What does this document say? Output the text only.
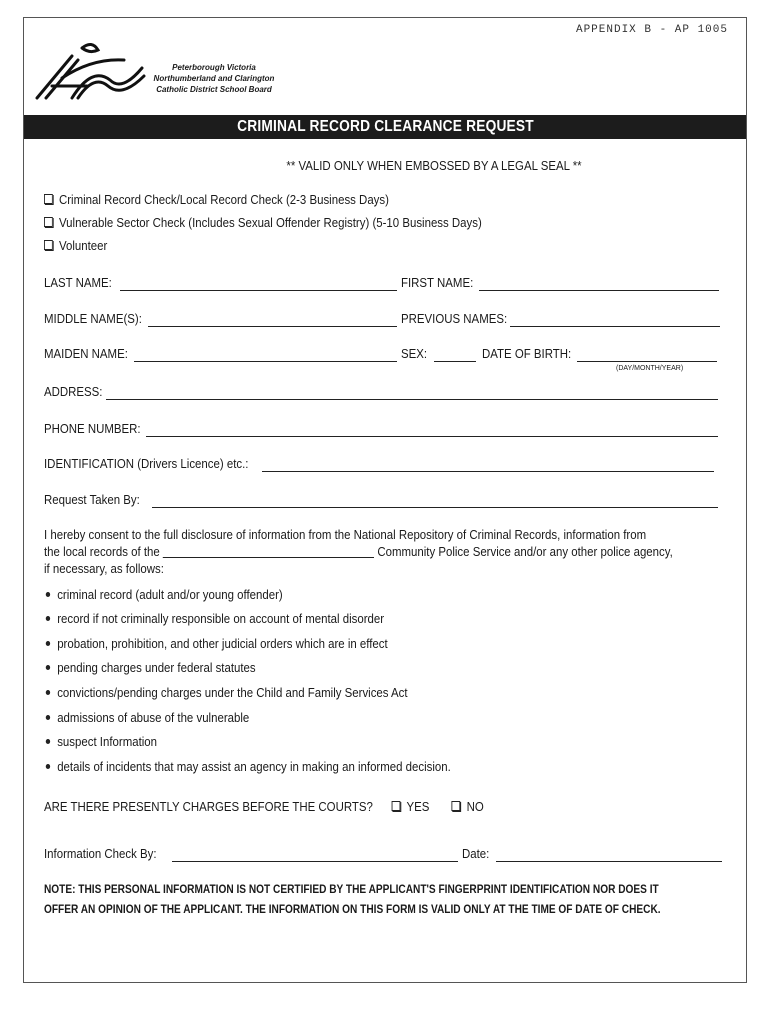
APPENDIX B - AP 1005
Peterborough Victoria
Northumberland and Clarington
Catholic District School Board
CRIMINAL RECORD CLEARANCE REQUEST
** VALID ONLY WHEN EMBOSSED BY A LEGAL SEAL **
Criminal Record Check/Local Record Check (2-3 Business Days)
Vulnerable Sector Check (Includes Sexual Offender Registry) (5-10 Business Days)
Volunteer
LAST NAME:	FIRST NAME:
MIDDLE NAME(S):	PREVIOUS NAMES:
MAIDEN NAME:	SEX:	DATE OF BIRTH:
(DAY/MONTH/YEAR)
ADDRESS:
PHONE NUMBER:
IDENTIFICATION (Drivers Licence) etc.:
Request Taken By:
I hereby consent to the full disclosure of information from the National Repository of Criminal Records, information from
the local records of the	Community Police Service and/or any other police agency,
if necessary, as follows:
criminal record (adult and/or young offender)
record if not criminally responsible on account of mental disorder
probation, prohibition, and other judicial orders which are in effect
pending charges under federal statutes
convictions/pending charges under the Child and Family Services Act
admissions of abuse of the vulnerable
suspect Information
details of incidents that may assist an agency in making an informed decision.
ARE THERE PRESENTLY CHARGES BEFORE THE COURTS?	YES	NO
Information Check By:	Date:
NOTE: THIS PERSONAL INFORMATION IS NOT CERTIFIED BY THE APPLICANT'S FINGERPRINT IDENTIFICATION NOR DOES IT
OFFER AN OPINION OF THE APPLICANT. THE INFORMATION ON THIS FORM IS VALID ONLY AT THE TIME OF DATE OF CHECK.
